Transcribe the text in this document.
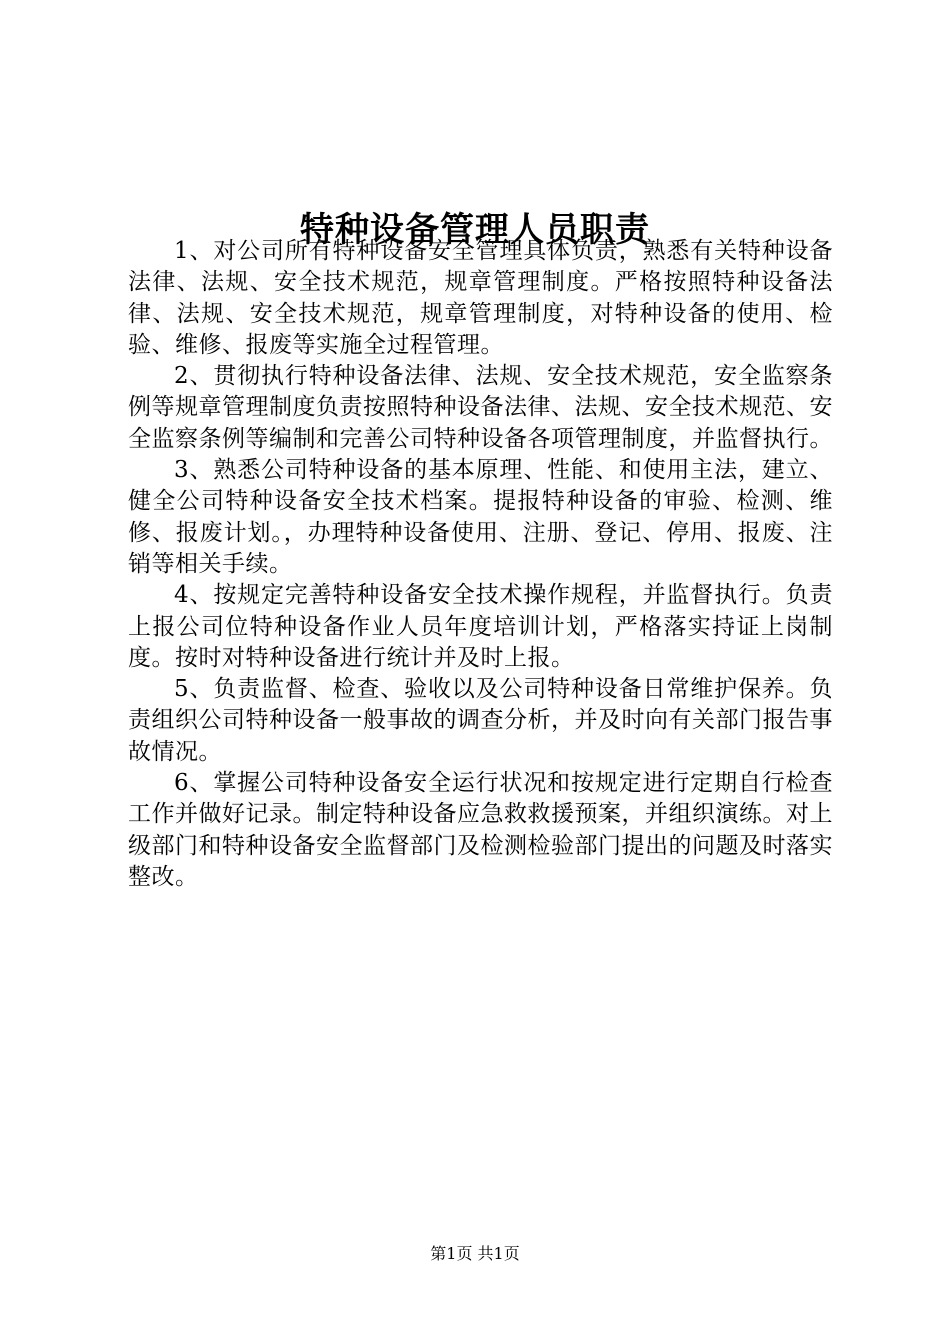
特种设备管理人员职责

1、对公司所有特种设备安全管理具体负责，熟悉有关特种设备法律、法规、安全技术规范，规章管理制度。严格按照特种设备法律、法规、安全技术规范，规章管理制度，对特种设备的使用、检验、维修、报废等实施全过程管理。

2、贯彻执行特种设备法律、法规、安全技术规范，安全监察条例等规章管理制度负责按照特种设备法律、法规、安全技术规范、安全监察条例等编制和完善公司特种设备各项管理制度，并监督执行。

3、熟悉公司特种设备的基本原理、性能、和使用主法，建立、健全公司特种设备安全技术档案。提报特种设备的审验、检测、维修、报废计划。，办理特种设备使用、注册、登记、停用、报废、注销等相关手续。

4、按规定完善特种设备安全技术操作规程，并监督执行。负责上报公司位特种设备作业人员年度培训计划，严格落实持证上岗制度。按时对特种设备进行统计并及时上报。

5、负责监督、检查、验收以及公司特种设备日常维护保养。负责组织公司特种设备一般事故的调查分析，并及时向有关部门报告事故情况。

6、掌握公司特种设备安全运行状况和按规定进行定期自行检查工作并做好记录。制定特种设备应急救救援预案，并组织演练。对上级部门和特种设备安全监督部门及检测检验部门提出的问题及时落实整改。

第1页 共1页
